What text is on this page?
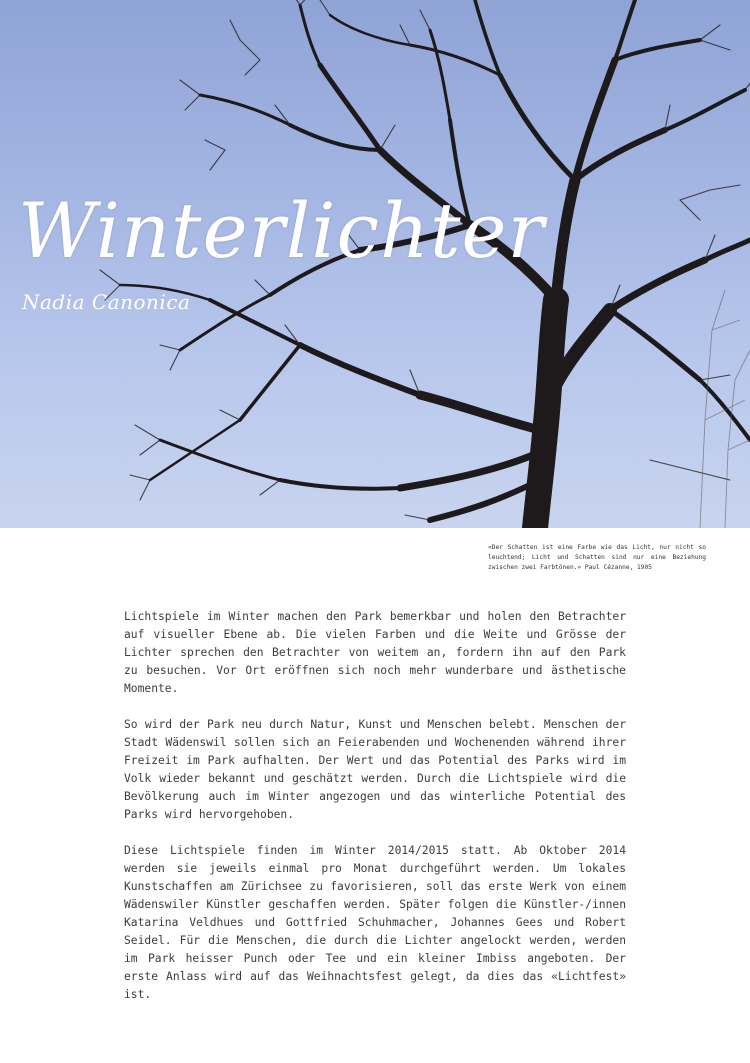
Winterlichter
Nadia Canonica

«Der Schatten ist eine Farbe wie das Licht, nur nicht so leuchtend; Licht und Schatten sind nur eine Beziehung zwischen zwei Farbtönen.» Paul Cézanne, 1905

Lichtspiele im Winter machen den Park bemerkbar und holen den Betrachter auf visueller Ebene ab. Die vielen Farben und die Weite und Grösse der Lichter sprechen den Betrachter von weitem an, fordern ihn auf den Park zu besuchen. Vor Ort eröffnen sich noch mehr wunderbare und ästhetische Momente.

So wird der Park neu durch Natur, Kunst und Menschen belebt. Menschen der Stadt Wädenswil sollen sich an Feierabenden und Wochenenden während ihrer Freizeit im Park aufhalten. Der Wert und das Potential des Parks wird im Volk wieder bekannt und geschätzt werden. Durch die Lichtspiele wird die Bevölkerung auch im Winter angezogen und das winterliche Potential des Parks wird hervorgehoben.

Diese Lichtspiele finden im Winter 2014/2015 statt. Ab Oktober 2014 werden sie jeweils einmal pro Monat durchgeführt werden. Um lokales Kunstschaffen am Zürichsee zu favorisieren, soll das erste Werk von einem Wädenswiler Künstler geschaffen werden. Später folgen die Künstler-/innen Katarina Veldhues und Gottfried Schuhmacher, Johannes Gees und Robert Seidel. Für die Menschen, die durch die Lichter angelockt werden, werden im Park heisser Punch oder Tee und ein kleiner Imbiss angeboten. Der erste Anlass wird auf das Weihnachtsfest gelegt, da dies das «Lichtfest» ist.
